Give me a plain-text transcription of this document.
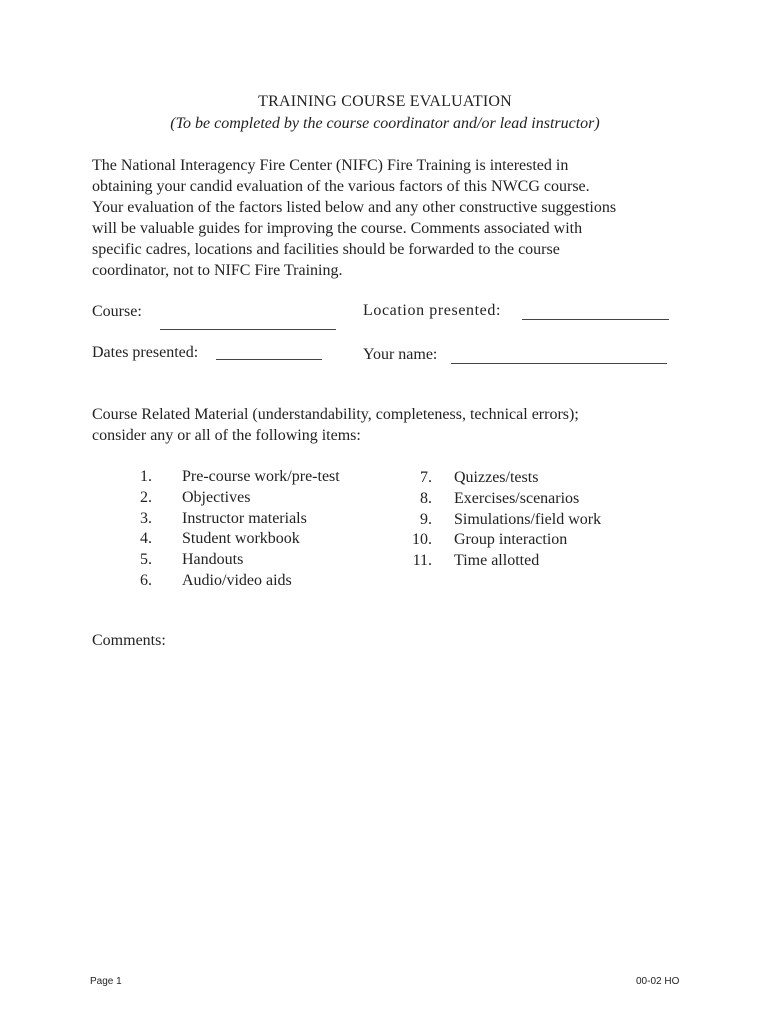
TRAINING COURSE EVALUATION
(To be completed by the course coordinator and/or lead instructor)
The National Interagency Fire Center (NIFC) Fire Training is interested in
obtaining your candid evaluation of the various factors of this NWCG course.
Your evaluation of the factors listed below and any other constructive suggestions
will be valuable guides for improving the course. Comments associated with
specific cadres, locations and facilities should be forwarded to the course
coordinator, not to NIFC Fire Training.
Course:	Location presented:
Dates presented:	Your name:
Course Related Material (understandability, completeness, technical errors);
consider any or all of the following items:
1. Pre-course work/pre-test
2. Objectives
3. Instructor materials
4. Student workbook
5. Handouts
6. Audio/video aids
7. Quizzes/tests
8. Exercises/scenarios
9. Simulations/field work
10. Group interaction
11. Time allotted
Comments:
Page 1	00-02 HO
